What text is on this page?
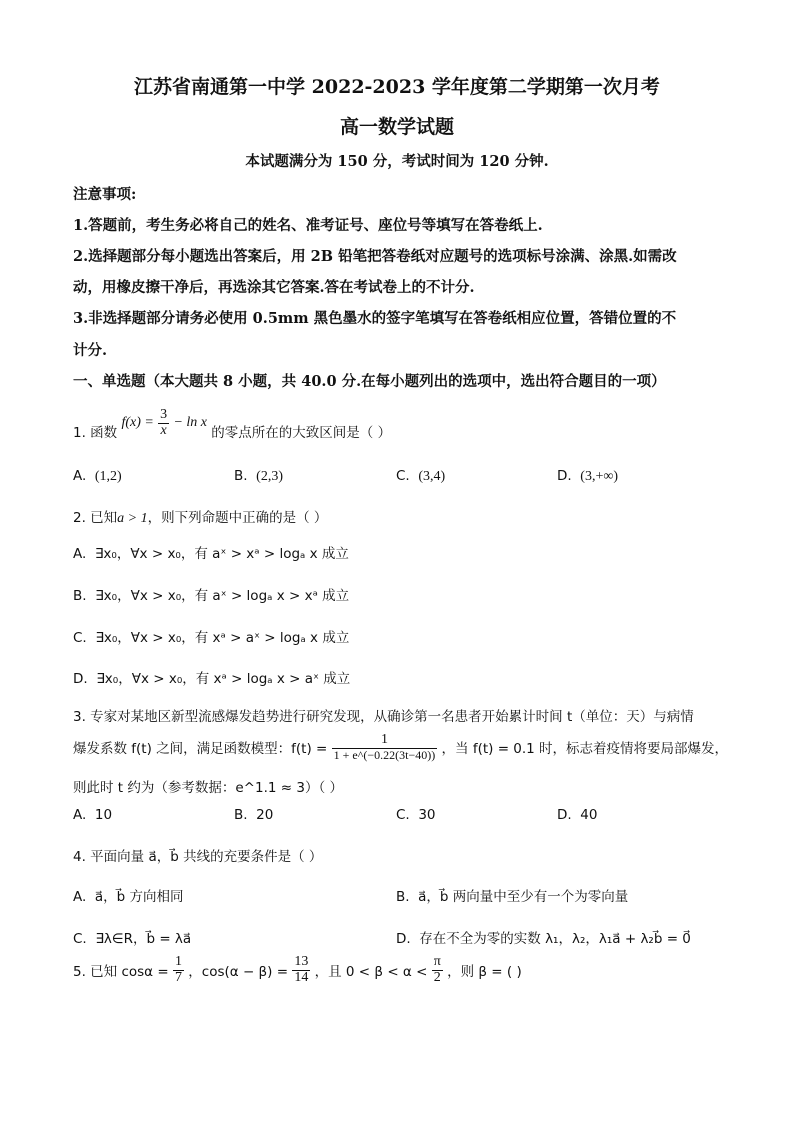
江苏省南通第一中学 2022-2023 学年度第二学期第一次月考
高一数学试题
本试题满分为 150 分，考试时间为 120 分钟.
注意事项:
1.答题前，考生务必将自己的姓名、准考证号、座位号等填写在答卷纸上.
2.选择题部分每小题选出答案后，用 2B 铅笔把答卷纸对应题号的选项标号涂满、涂黑.如需改
动，用橡皮擦干净后，再选涂其它答案.答在考试卷上的不计分.
3.非选择题部分请务必使用 0.5mm 黑色墨水的签字笔填写在答卷纸相应位置，答错位置的不
计分.
一、单选题（本大题共 8 小题，共 40.0 分.在每小题列出的选项中，选出符合题目的一项）
1. 函数 $f(x) = \frac{3}{x} - \ln x$ 的零点所在的大致区间是（ ）
A. (1,2)	B. (2,3)	C. (3,4)	D. (3,+∞)
2. 已知a > 1，则下列命题中正确的是（ ）
A. ∃x₀，∀x > x₀，有 aˣ > xᵃ > logₐ x 成立
B. ∃x₀，∀x > x₀，有 aˣ > logₐ x > xᵃ 成立
C. ∃x₀，∀x > x₀，有 xᵃ > aˣ > logₐ x 成立
D. ∃x₀，∀x > x₀，有 xᵃ > logₐ x > aˣ 成立
3. 专家对某地区新型流感爆发趋势进行研究发现，从确诊第一名患者开始累计时间 t（单位：天）与病情
爆发系数 f(t) 之间，满足函数模型：$f(t) = \frac{1}{1 + e\^{}(-0.22(3t-40))}$ ，当 f(t) = 0.1 时，标志着疫情将要局部爆发，
则此时 t 约为（参考数据：e^1.1 ≈ 3）（ ）
A. 10	B. 20	C. 30	D. 40
4. 平面向量 a⃗，b⃗ 共线的充要条件是（ ）
A. a⃗，b⃗ 方向相同	B. a⃗，b⃗ 两向量中至少有一个为零向量
C. ∃λ∈R，b⃗ = λa⃗	D. 存在不全为零的实数 λ₁，λ₂，λ₁a⃗ + λ₂b⃗ = 0⃗
5. 已知 $\cos\alpha = \frac{1}{7}$ ，$\cos(\alpha - \beta) = \frac{13}{14}$ ，且 $0 < \beta < \alpha < \frac{\pi}{2}$ ，则 β = ( )
